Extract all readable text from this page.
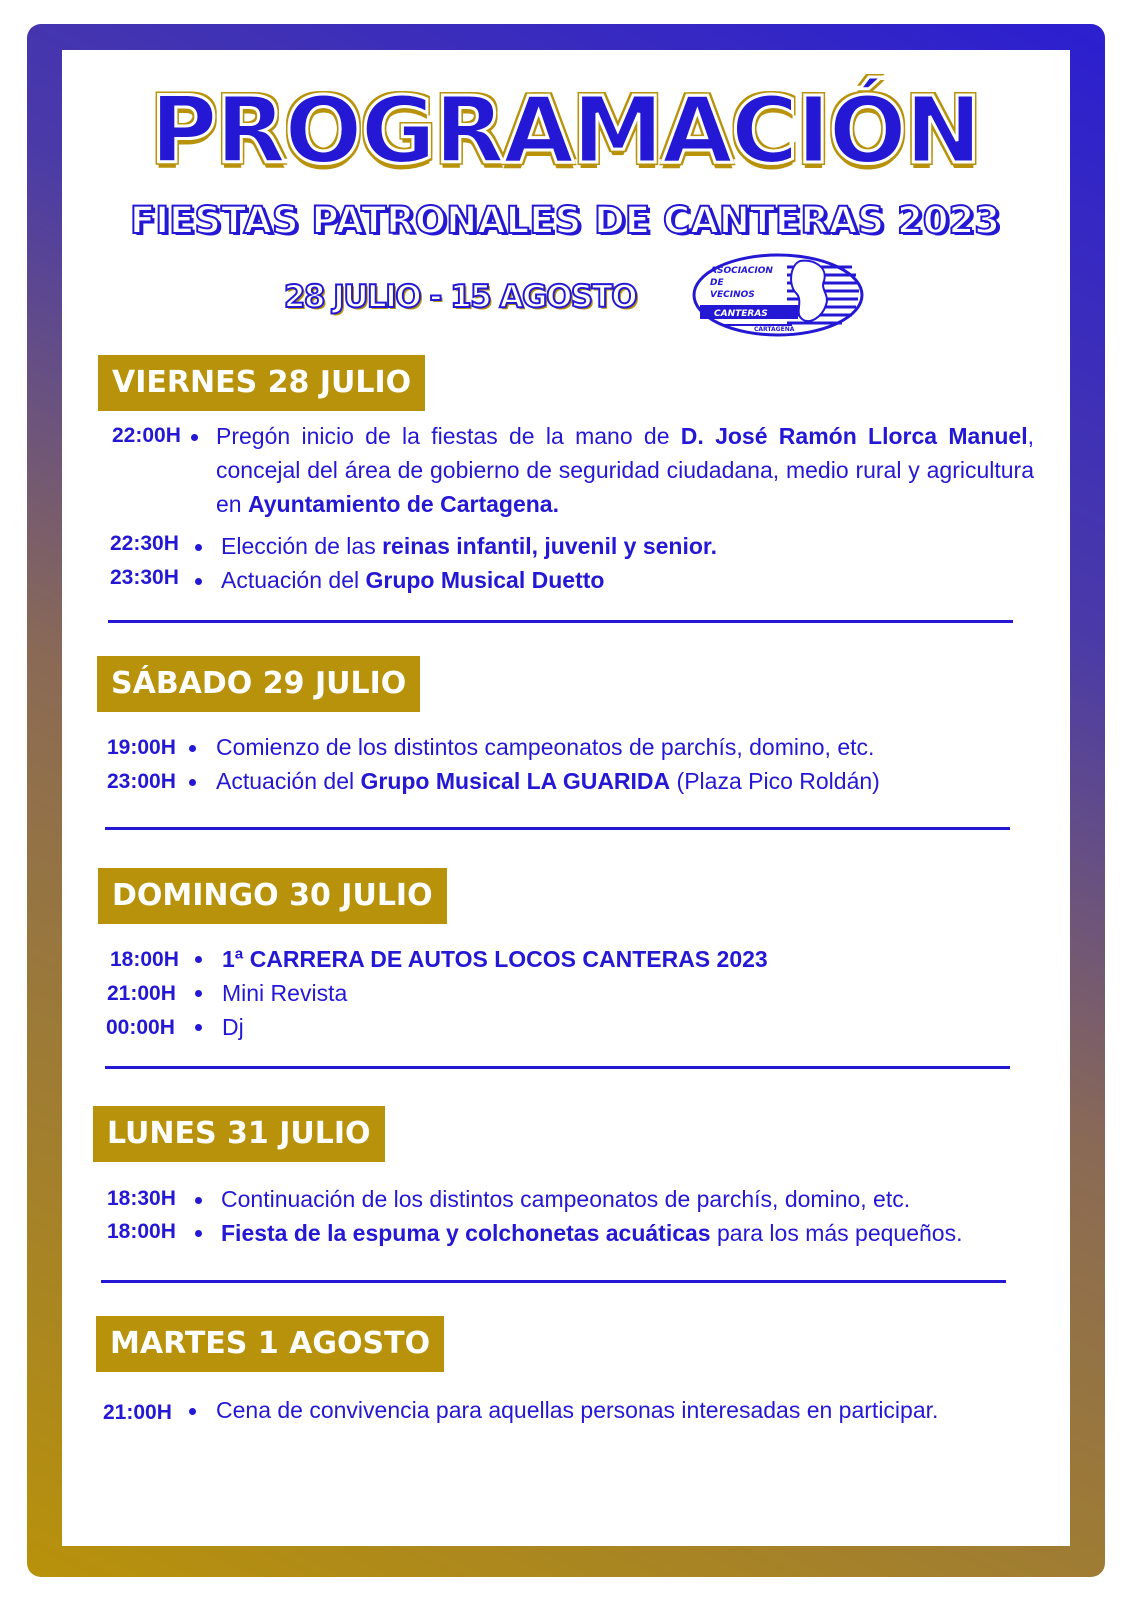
PROGRAMACIÓN
FIESTAS PATRONALES DE CANTERAS 2023
28 JULIO - 15 AGOSTO
ASOCIACION
DE
VECINOS
CANTERAS
CARTAGENA
VIERNES 28 JULIO
22:00H Pregón inicio de la fiestas de la mano de D. José Ramón Llorca Manuel, concejal del área de gobierno de seguridad ciudadana, medio rural y agricultura en Ayuntamiento de Cartagena.
22:30H Elección de las reinas infantil, juvenil y senior.
23:30H Actuación del Grupo Musical Duetto
SÁBADO 29 JULIO
19:00H Comienzo de los distintos campeonatos de parchís, domino, etc.
23:00H Actuación del Grupo Musical LA GUARIDA (Plaza Pico Roldán)
DOMINGO 30 JULIO
18:00H 1ª CARRERA DE AUTOS LOCOS CANTERAS 2023
21:00H Mini Revista
00:00H Dj
LUNES 31 JULIO
18:30H Continuación de los distintos campeonatos de parchís, domino, etc.
18:00H Fiesta de la espuma y colchonetas acuáticas para los más pequeños.
MARTES 1 AGOSTO
21:00H Cena de convivencia para aquellas personas interesadas en participar.
